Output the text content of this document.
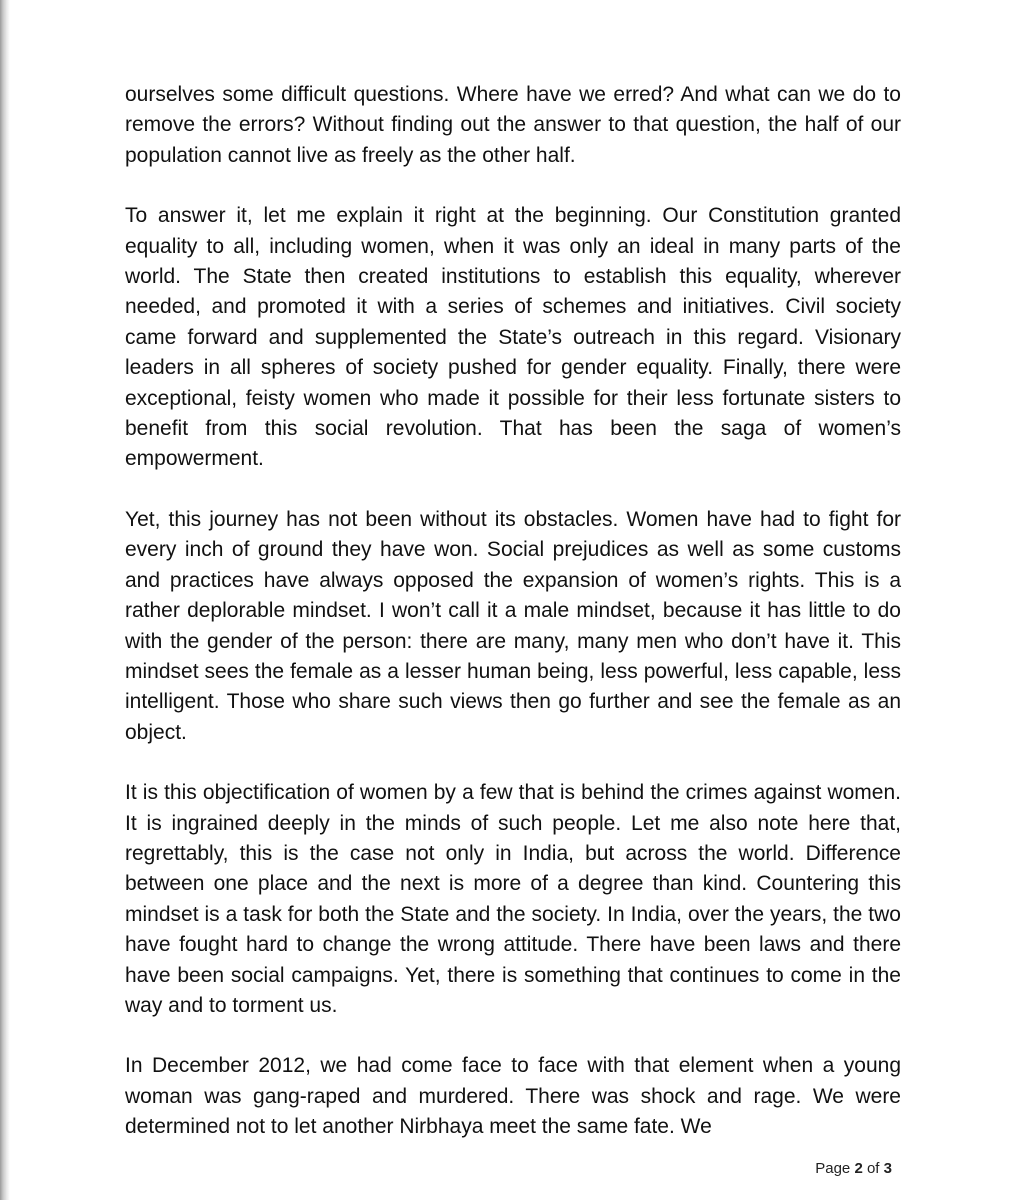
ourselves some difficult questions. Where have we erred? And what can we do to remove the errors? Without finding out the answer to that question, the half of our population cannot live as freely as the other half.

To answer it, let me explain it right at the beginning. Our Constitution granted equality to all, including women, when it was only an ideal in many parts of the world. The State then created institutions to establish this equality, wherever needed, and promoted it with a series of schemes and initiatives. Civil society came forward and supplemented the State’s outreach in this regard. Visionary leaders in all spheres of society pushed for gender equality. Finally, there were exceptional, feisty women who made it possible for their less fortunate sisters to benefit from this social revolution. That has been the saga of women’s empowerment.

Yet, this journey has not been without its obstacles. Women have had to fight for every inch of ground they have won. Social prejudices as well as some customs and practices have always opposed the expansion of women’s rights. This is a rather deplorable mindset. I won’t call it a male mindset, because it has little to do with the gender of the person: there are many, many men who don’t have it. This mindset sees the female as a lesser human being, less powerful, less capable, less intelligent. Those who share such views then go further and see the female as an object.

It is this objectification of women by a few that is behind the crimes against women. It is ingrained deeply in the minds of such people. Let me also note here that, regrettably, this is the case not only in India, but across the world. Difference between one place and the next is more of a degree than kind. Countering this mindset is a task for both the State and the society. In India, over the years, the two have fought hard to change the wrong attitude. There have been laws and there have been social campaigns. Yet, there is something that continues to come in the way and to torment us.

In December 2012, we had come face to face with that element when a young woman was gang-raped and murdered. There was shock and rage. We were determined not to let another Nirbhaya meet the same fate. We

Page 2 of 3
